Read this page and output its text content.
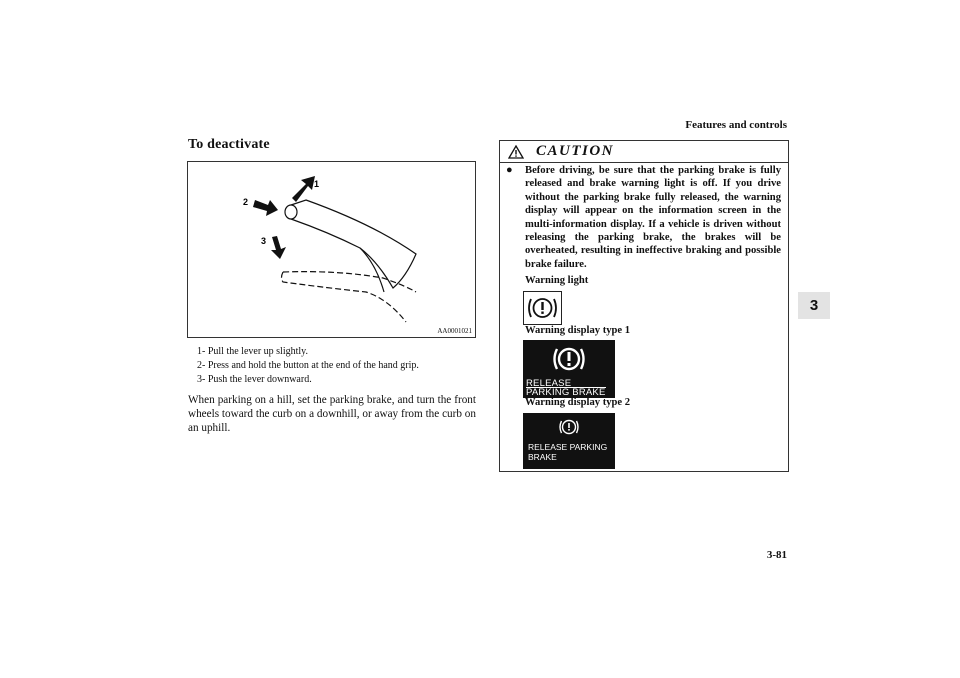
Features and controls
3
To deactivate
1
2
3
AA0001021
1- Pull the lever up slightly.
2- Press and hold the button at the end of the hand grip.
3- Push the lever downward.
When parking on a hill, set the parking brake, and turn the front wheels toward the curb on a downhill, or away from the curb on an uphill.
CAUTION
● Before driving, be sure that the parking brake is fully released and brake warning light is off. If you drive without the parking brake fully released, the warning display will appear on the information screen in the multi-information display. If a vehicle is driven without releasing the parking brake, the brakes will be overheated, resulting in ineffective braking and possible brake failure.
Warning light
Warning display type 1
RELEASE
PARKING BRAKE
Warning display type 2
RELEASE PARKING
BRAKE
3-81
